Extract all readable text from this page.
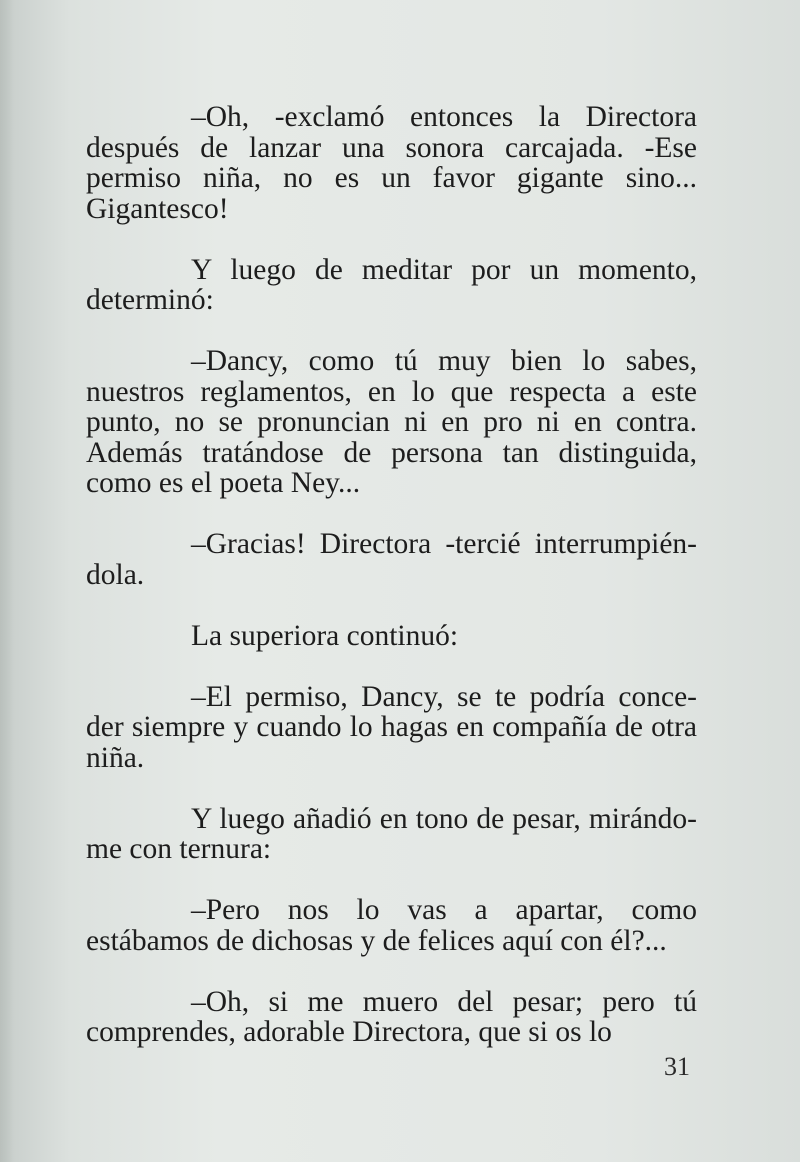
–Oh, -exclamó entonces la Directora después de lanzar una sonora carcajada. -Ese permiso niña, no es un favor gigante sino... Gigantesco!

Y luego de meditar por un momento, determinó:

–Dancy, como tú muy bien lo sabes, nuestros reglamentos, en lo que respecta a este punto, no se pronuncian ni en pro ni en contra. Además tratándose de persona tan distinguida, como es el poeta Ney...

–Gracias! Directora -tercié interrumpién-dola.

La superiora continuó:

–El permiso, Dancy, se te podría conce-der siempre y cuando lo hagas en compañía de otra niña.

Y luego añadió en tono de pesar, mirándo-me con ternura:

–Pero nos lo vas a apartar, como estábamos de dichosas y de felices aquí con él?...

–Oh, si me muero del pesar; pero tú comprendes, adorable Directora, que si os lo

31
